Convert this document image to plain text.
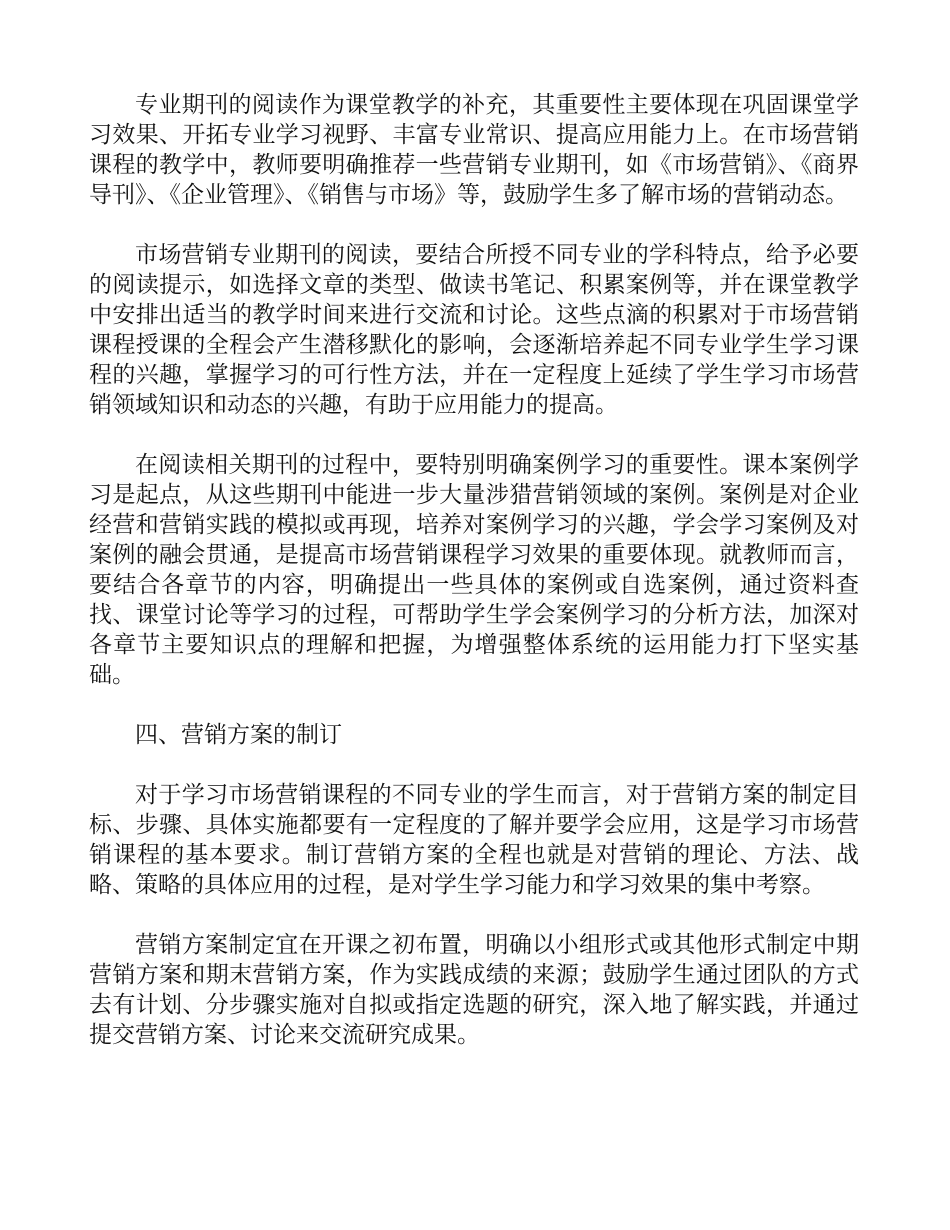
专业期刊的阅读作为课堂教学的补充，其重要性主要体现在巩固课堂学习效果、开拓专业学习视野、丰富专业常识、提高应用能力上。在市场营销课程的教学中，教师要明确推荐一些营销专业期刊，如《市场营销》、《商界导刊》、《企业管理》、《销售与市场》等，鼓励学生多了解市场的营销动态。

市场营销专业期刊的阅读，要结合所授不同专业的学科特点，给予必要的阅读提示，如选择文章的类型、做读书笔记、积累案例等，并在课堂教学中安排出适当的教学时间来进行交流和讨论。这些点滴的积累对于市场营销课程授课的全程会产生潜移默化的影响，会逐渐培养起不同专业学生学习课程的兴趣，掌握学习的可行性方法，并在一定程度上延续了学生学习市场营销领域知识和动态的兴趣，有助于应用能力的提高。

在阅读相关期刊的过程中，要特别明确案例学习的重要性。课本案例学习是起点，从这些期刊中能进一步大量涉猎营销领域的案例。案例是对企业经营和营销实践的模拟或再现，培养对案例学习的兴趣，学会学习案例及对案例的融会贯通，是提高市场营销课程学习效果的重要体现。就教师而言，要结合各章节的内容，明确提出一些具体的案例或自选案例，通过资料查找、课堂讨论等学习的过程，可帮助学生学会案例学习的分析方法，加深对各章节主要知识点的理解和把握，为增强整体系统的运用能力打下坚实基础。

四、营销方案的制订

对于学习市场营销课程的不同专业的学生而言，对于营销方案的制定目标、步骤、具体实施都要有一定程度的了解并要学会应用，这是学习市场营销课程的基本要求。制订营销方案的全程也就是对营销的理论、方法、战略、策略的具体应用的过程，是对学生学习能力和学习效果的集中考察。

营销方案制定宜在开课之初布置，明确以小组形式或其他形式制定中期营销方案和期末营销方案，作为实践成绩的来源；鼓励学生通过团队的方式去有计划、分步骤实施对自拟或指定选题的研究，深入地了解实践，并通过提交营销方案、讨论来交流研究成果。
